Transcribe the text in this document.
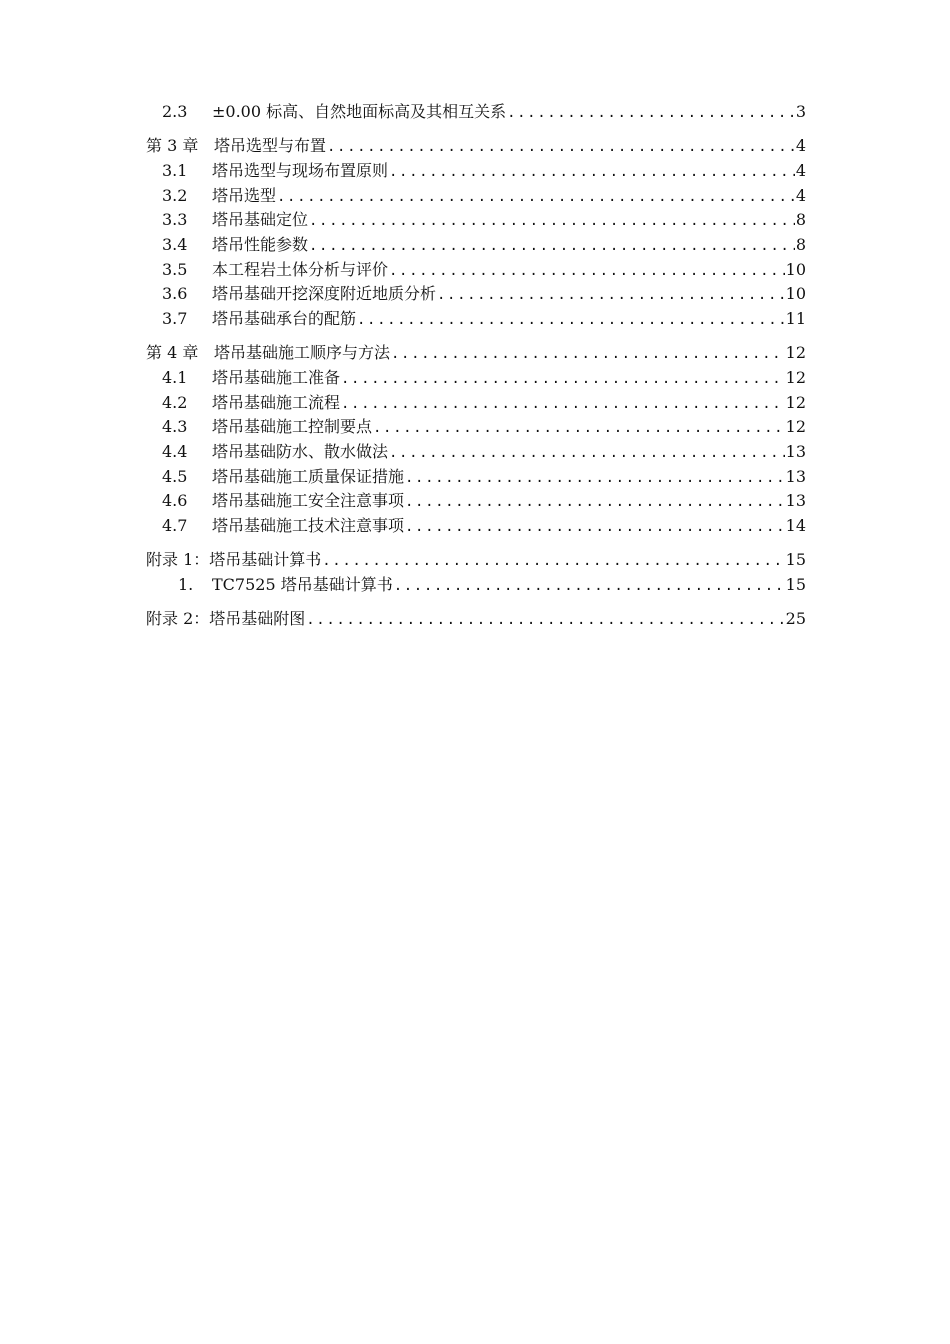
2.3	±0.00 标高、自然地面标高及其相互关系 .....	3
第 3 章 塔吊选型与布置 .....	4
3.1	塔吊选型与现场布置原则 .....	4
3.2	塔吊选型 .....	4
3.3	塔吊基础定位 .....	8
3.4	塔吊性能参数 .....	8
3.5	本工程岩土体分析与评价 .....	10
3.6	塔吊基础开挖深度附近地质分析 .....	10
3.7	塔吊基础承台的配筋 .....	11
第 4 章 塔吊基础施工顺序与方法 .....	12
4.1	塔吊基础施工准备 .....	12
4.2	塔吊基础施工流程 .....	12
4.3	塔吊基础施工控制要点 .....	12
4.4	塔吊基础防水、散水做法 .....	13
4.5	塔吊基础施工质量保证措施 .....	13
4.6	塔吊基础施工安全注意事项 .....	13
4.7	塔吊基础施工技术注意事项 .....	14
附录 1：塔吊基础计算书 .....	15
1.	TC7525 塔吊基础计算书 .....	15
附录 2：塔吊基础附图 .....	25
